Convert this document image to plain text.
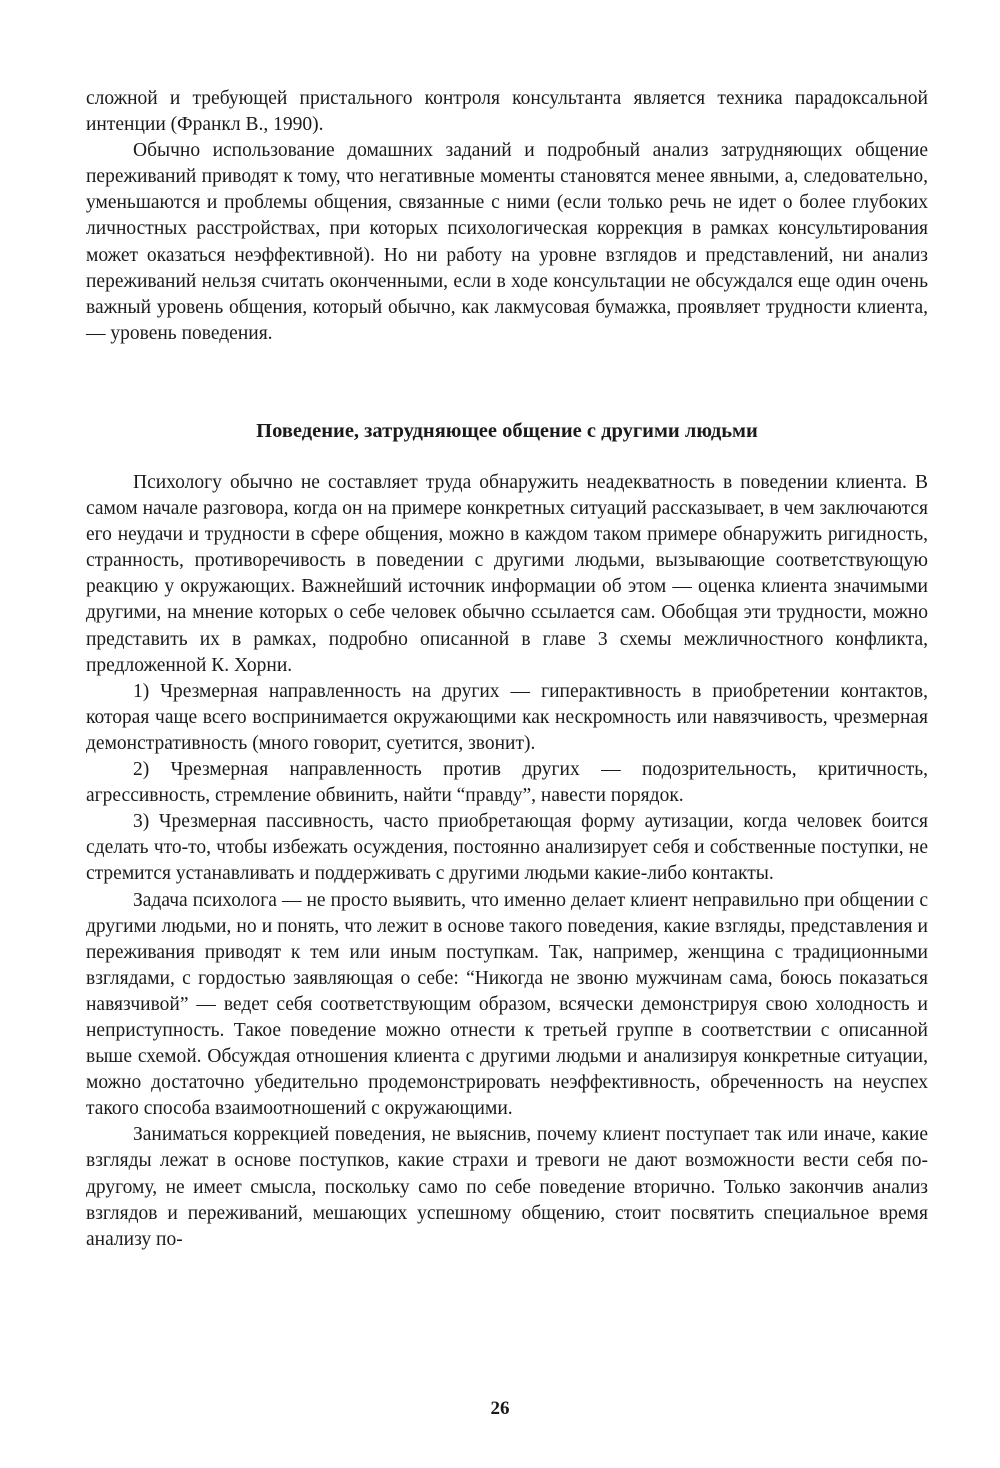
сложной и требующей пристального контроля консультанта является техника парадоксальной интенции (Франкл В., 1990).

Обычно использование домашних заданий и подробный анализ затрудняющих общение переживаний приводят к тому, что негативные моменты становятся менее явными, а, следовательно, уменьшаются и проблемы общения, связанные с ними (если только речь не идет о более глубоких личностных расстройствах, при которых психологическая коррекция в рамках консультирования может оказаться неэффективной). Но ни работу на уровне взглядов и представлений, ни анализ переживаний нельзя считать оконченными, если в ходе консультации не обсуждался еще один очень важный уровень общения, который обычно, как лакмусовая бумажка, проявляет трудности клиента, — уровень поведения.

Поведение, затрудняющее общение с другими людьми

Психологу обычно не составляет труда обнаружить неадекватность в поведении клиента. В самом начале разговора, когда он на примере конкретных ситуаций рассказывает, в чем заключаются его неудачи и трудности в сфере общения, можно в каждом таком примере обнаружить ригидность, странность, противоречивость в поведении с другими людьми, вызывающие соответствующую реакцию у окружающих. Важнейший источник информации об этом — оценка клиента значимыми другими, на мнение которых о себе человек обычно ссылается сам. Обобщая эти трудности, можно представить их в рамках, подробно описанной в главе 3 схемы межличностного конфликта, предложенной К. Хорни.

1) Чрезмерная направленность на других — гиперактивность в приобретении контактов, которая чаще всего воспринимается окружающими как нескромность или навязчивость, чрезмерная демонстративность (много говорит, суетится, звонит).

2) Чрезмерная направленность против других — подозрительность, критичность, агрессивность, стремление обвинить, найти “правду”, навести порядок.

3) Чрезмерная пассивность, часто приобретающая форму аутизации, когда человек боится сделать что-то, чтобы избежать осуждения, постоянно анализирует себя и собственные поступки, не стремится устанавливать и поддерживать с другими людьми какие-либо контакты.

Задача психолога — не просто выявить, что именно делает клиент неправильно при общении с другими людьми, но и понять, что лежит в основе такого поведения, какие взгляды, представления и переживания приводят к тем или иным поступкам. Так, например, женщина с традиционными взглядами, с гордостью заявляющая о себе: “Никогда не звоню мужчинам сама, боюсь показаться навязчивой” — ведет себя соответствующим образом, всячески демонстрируя свою холодность и неприступность. Такое поведение можно отнести к третьей группе в соответствии с описанной выше схемой. Обсуждая отношения клиента с другими людьми и анализируя конкретные ситуации, можно достаточно убедительно продемонстрировать неэффективность, обреченность на неуспех такого способа взаимоотношений с окружающими.

Заниматься коррекцией поведения, не выяснив, почему клиент поступает так или иначе, какие взгляды лежат в основе поступков, какие страхи и тревоги не дают возможности вести себя по-другому, не имеет смысла, поскольку само по себе поведение вторично. Только закончив анализ взглядов и переживаний, мешающих успешному общению, стоит посвятить специальное время анализу по-

26
